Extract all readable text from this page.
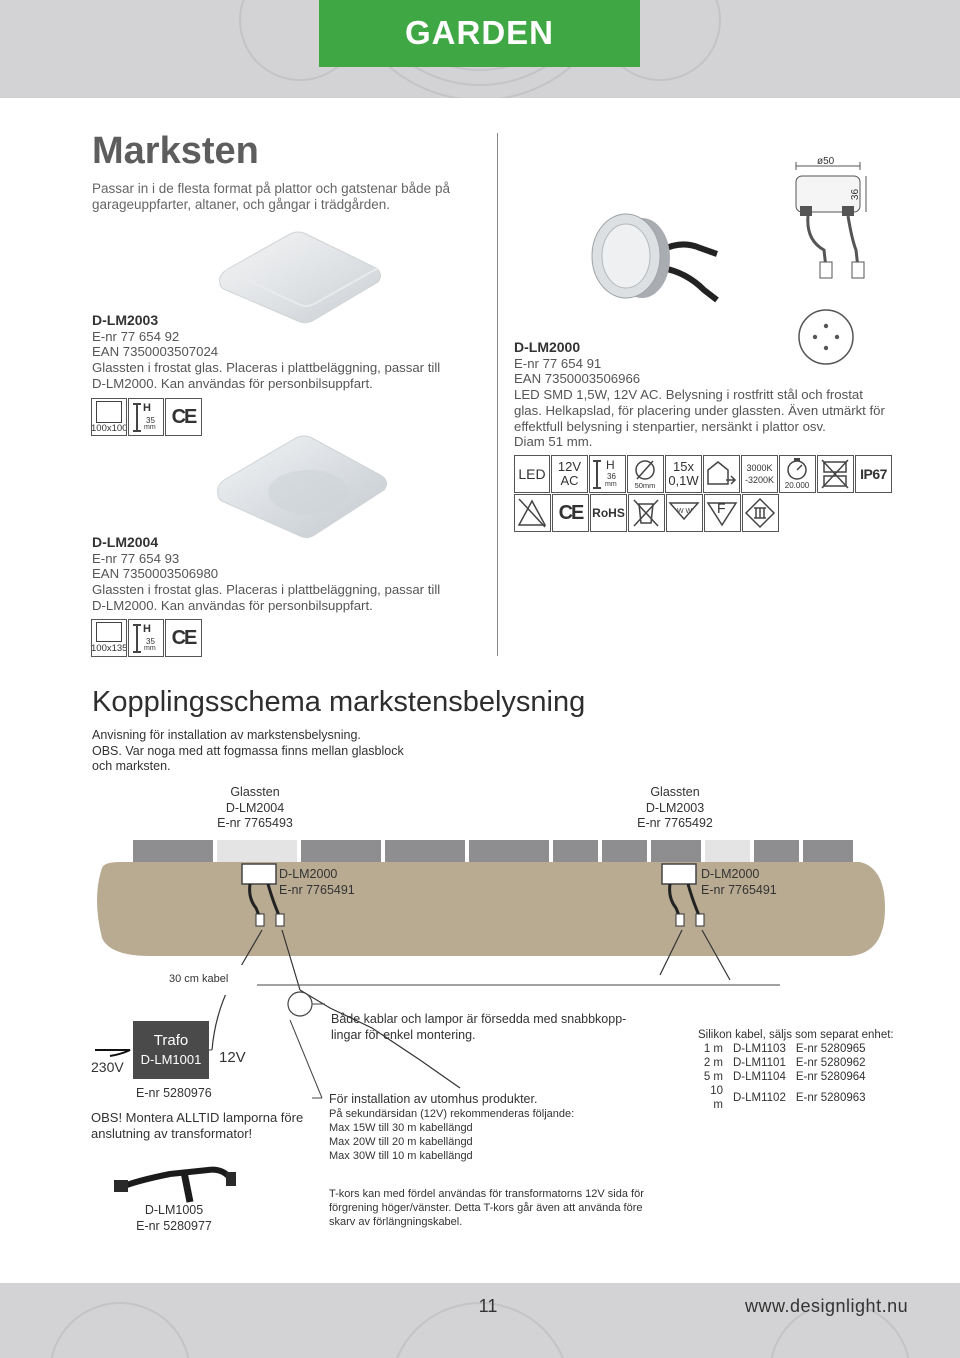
GARDEN
Marksten
Passar in i de flesta format på plattor och gatstenar både på garageuppfarter, altaner, och gångar i trädgården.
D-LM2003
E-nr 77 654 92
EAN 7350003507024
Glassten i frostat glas. Placeras i plattbeläggning, passar till
D-LM2000. Kan användas för personbilsuppfart.
100x100
H
35
mm CE
D-LM2004
E-nr 77 654 93
EAN 7350003506980
Glassten i frostat glas. Placeras i plattbeläggning, passar till
D-LM2000. Kan användas för personbilsuppfart.
100x135
H
35
mm CE
ø50
36
D-LM2000
E-nr 77 654 91
EAN 7350003506966
LED SMD 1,5W, 12V AC. Belysning i rostfritt stål och frostat
glas. Helkapslad, för placering under glassten. Även utmärkt för
effektfull belysning i stenpartier, nersänkt i plattor osv.
Diam 51 mm.
LED 12V
AC
H
36
mm	50mm
15x
0,1W
3000K
-3200K
20.000
IP67
CE RoHS	W W F
Kopplingsschema markstensbelysning
Anvisning för installation av markstensbelysning.
OBS. Var noga med att fogmassa finns mellan glasblock
och marksten.
Glassten
D-LM2004
E-nr 7765493
Glassten
D-LM2003
E-nr 7765492
D-LM2000
E-nr 7765491
D-LM2000
E-nr 7765491
30 cm kabel
Både kablar och lampor är försedda med snabbkopp-
lingar för enkel montering.
230V
Trafo
D-LM1001	12V
E-nr 5280976
OBS! Montera ALLTID lamporna före
anslutning av transformator!
För installation av utomhus produkter.
På sekundärsidan (12V) rekommenderas följande:
Max 15W till 30 m kabellängd
Max 20W till 20 m kabellängd
Max 30W till 10 m kabellängd
Silikon kabel, säljs som separat enhet:
1 m	D-LM1103	E-nr 5280965
2 m	D-LM1101	E-nr 5280962
5 m	D-LM1104	E-nr 5280964
10 m	D-LM1102	E-nr 5280963
D-LM1005
E-nr 5280977
T-kors kan med fördel användas för transformatorns 12V sida för
förgrening höger/vänster. Detta T-kors går även att använda före
skarv av förlängningskabel.
11	www.designlight.nu
